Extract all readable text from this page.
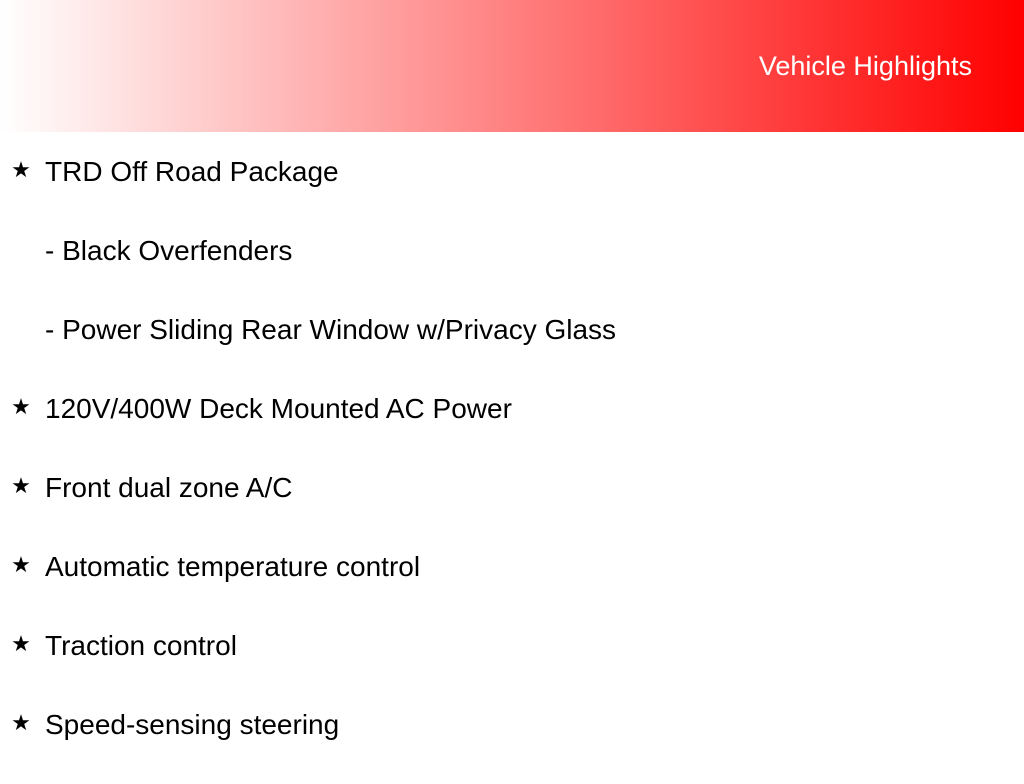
Vehicle Highlights
★ TRD Off Road Package
- Black Overfenders
- Power Sliding Rear Window w/Privacy Glass
★ 120V/400W Deck Mounted AC Power
★ Front dual zone A/C
★ Automatic temperature control
★ Traction control
★ Speed-sensing steering
